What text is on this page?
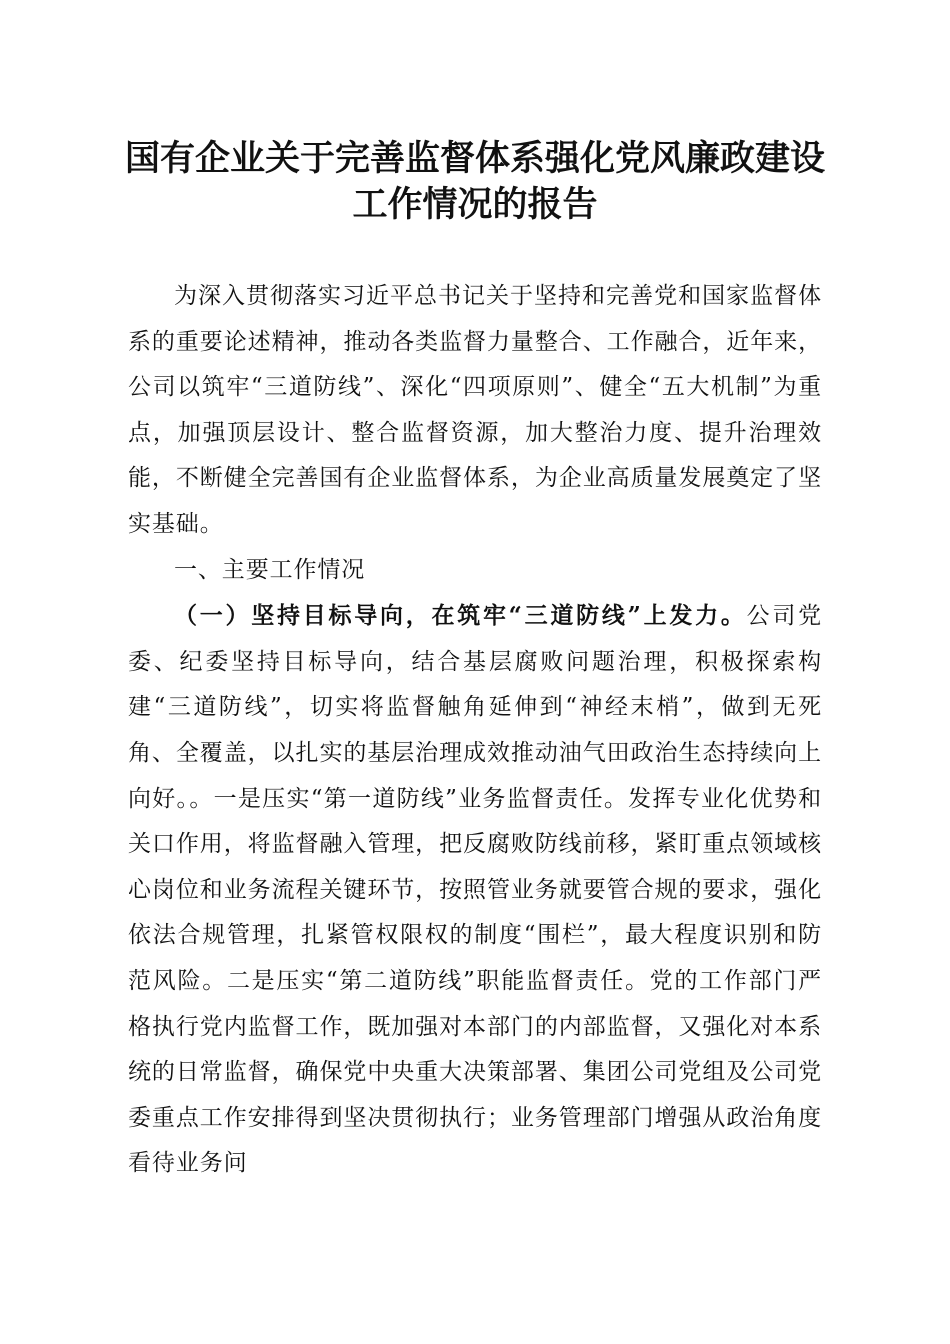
国有企业关于完善监督体系强化党风廉政建设
工作情况的报告

为深入贯彻落实习近平总书记关于坚持和完善党和国家监督体系的重要论述精神，推动各类监督力量整合、工作融合，近年来，公司以筑牢“三道防线”、深化“四项原则”、健全“五大机制”为重点，加强顶层设计、整合监督资源，加大整治力度、提升治理效能，不断健全完善国有企业监督体系，为企业高质量发展奠定了坚实基础。

一、主要工作情况

（一）坚持目标导向，在筑牢“三道防线”上发力。公司党委、纪委坚持目标导向，结合基层腐败问题治理，积极探索构建“三道防线”，切实将监督触角延伸到“神经末梢”，做到无死角、全覆盖，以扎实的基层治理成效推动油气田政治生态持续向上向好。。一是压实“第一道防线”业务监督责任。发挥专业化优势和关口作用，将监督融入管理，把反腐败防线前移，紧盯重点领域核心岗位和业务流程关键环节，按照管业务就要管合规的要求，强化依法合规管理，扎紧管权限权的制度“围栏”，最大程度识别和防范风险。二是压实“第二道防线”职能监督责任。党的工作部门严格执行党内监督工作，既加强对本部门的内部监督，又强化对本系统的日常监督，确保党中央重大决策部署、集团公司党组及公司党委重点工作安排得到坚决贯彻执行；业务管理部门增强从政治角度看待业务问
